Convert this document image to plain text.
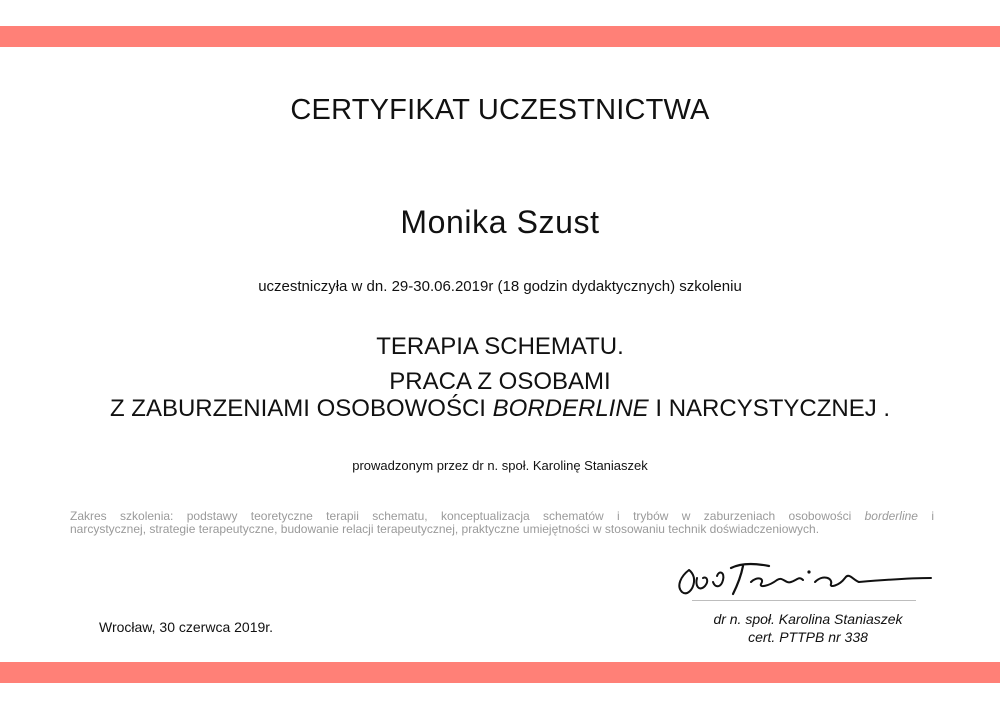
CERTYFIKAT UCZESTNICTWA
Monika Szust
uczestniczyła w dn. 29-30.06.2019r (18 godzin dydaktycznych) szkoleniu
TERAPIA SCHEMATU.
PRACA Z OSOBAMI
Z ZABURZENIAMI OSOBOWOŚCI BORDERLINE I NARCYSTYCZNEJ .
prowadzonym przez dr n. społ. Karolinę Staniaszek
Zakres szkolenia: podstawy teoretyczne terapii schematu, konceptualizacja schematów i trybów w zaburzeniach osobowości borderline i
narcystycznej, strategie terapeutyczne, budowanie relacji terapeutycznej, praktyczne umiejętności w stosowaniu technik doświadczeniowych.
dr n. społ. Karolina Staniaszek
cert. PTTPB nr 338
Wrocław, 30 czerwca 2019r.
